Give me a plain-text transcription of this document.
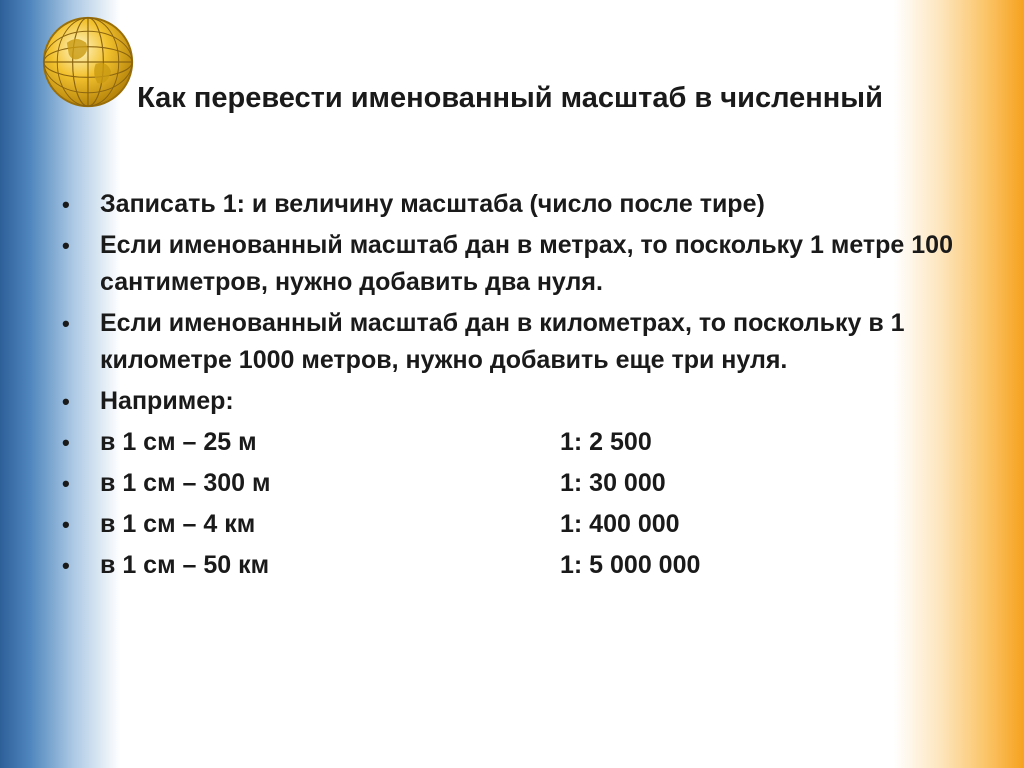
Как перевести именованный масштаб в численный
• Записать 1: и величину масштаба (число после тире)
• Если именованный масштаб дан в метрах, то поскольку 1 метре 100 сантиметров, нужно добавить два нуля.
• Если именованный масштаб дан в километрах, то поскольку в 1 километре 1000 метров, нужно добавить еще три нуля.
• Например:
• в 1 см – 25 м	1: 2 500
• в 1 см – 300 м	1: 30 000
• в 1 см – 4 км	1: 400 000
• в 1 см – 50 км	1: 5 000 000
